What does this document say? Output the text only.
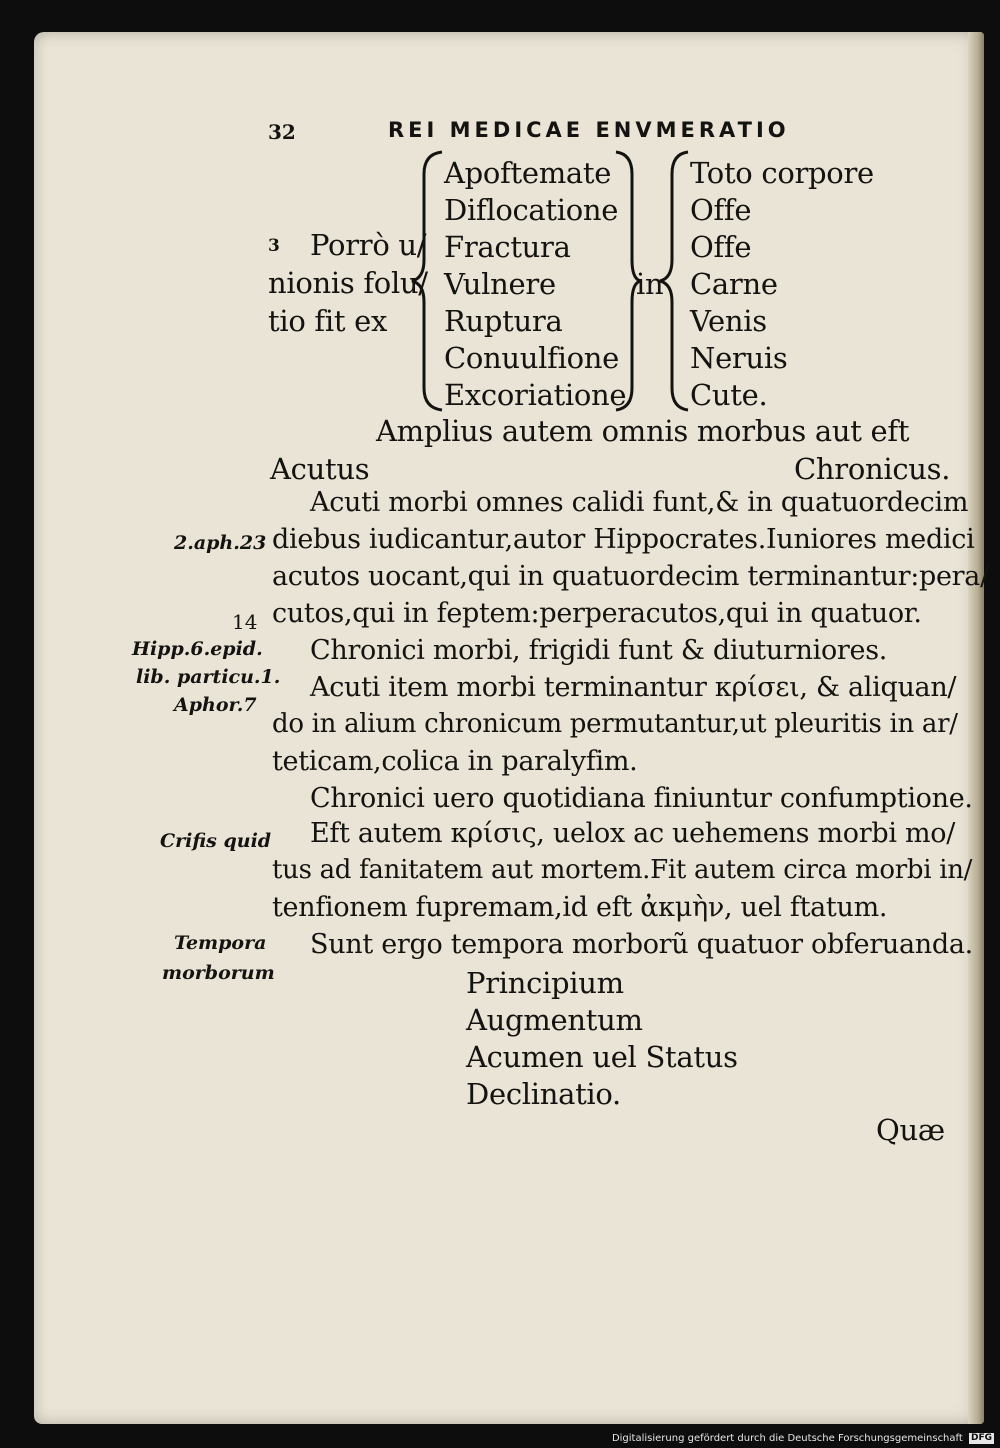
32	REI MEDICAE ENVMERATIO
3 Porrò u/
nionis folu/
tio fit ex
Apoftemate
Diflocatione
Fractura
Vulnere
Ruptura
Conuulfione
Excoriatione
in
Toto corpore
Offe
Offe
Carne
Venis
Neruis
Cute.
Amplius autem omnis morbus aut eft
Acutus	Chronicus.
Acuti morbi omnes calidi funt,& in quatuordecim
diebus iudicantur,autor Hippocrates.Iuniores medici
acutos uocant,qui in quatuordecim terminantur:pera/
cutos,qui in feptem:perperacutos,qui in quatuor.
Chronici morbi, frigidi funt & diuturniores.
Acuti item morbi terminantur κρίσει, & aliquan/
do in alium chronicum permutantur,ut pleuritis in ar/
teticam,colica in paralyfim.
Chronici uero quotidiana finiuntur confumptione.
Eft autem κρίσις, uelox ac uehemens morbi mo/
tus ad fanitatem aut mortem.Fit autem circa morbi in/
tenfionem fupremam,id eft ἀκμὴν, uel ftatum.
Sunt ergo tempora morborũ quatuor obferuanda.
Principium
Augmentum
Acumen uel Status
Declinatio.
Quæ
2.aph.23
14
Hipp.6.epid.
lib. particu.1.
Aphor.7
Crifis quid
Tempora
morborum
Digitalisierung gefördert durch die Deutsche Forschungsgemeinschaft DFG
